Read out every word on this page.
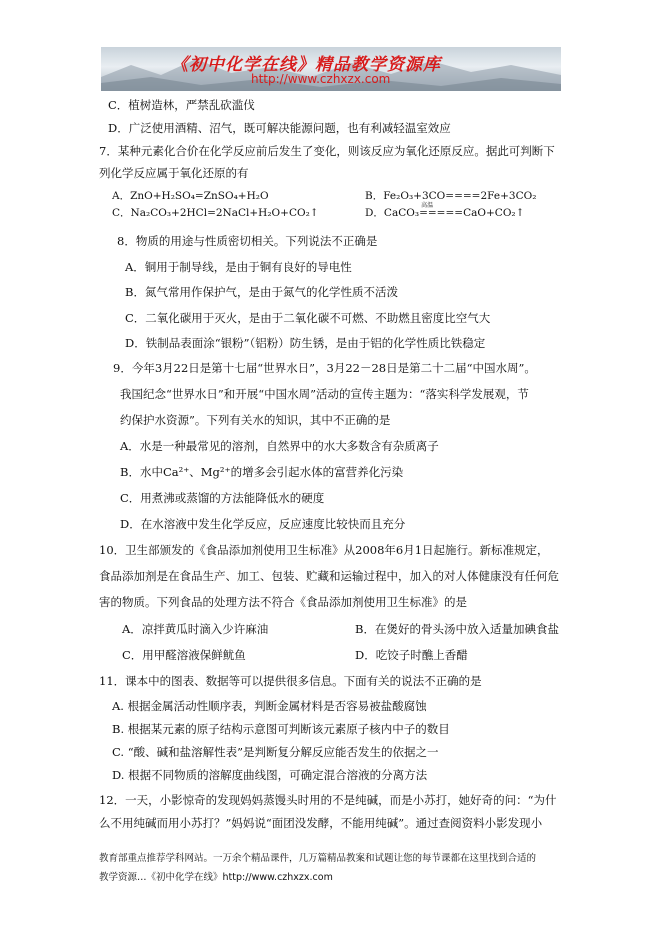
《初中化学在线》精品教学资源库
http://www.czhxzx.com
C．植树造林，严禁乱砍滥伐
D．广泛使用酒精、沼气，既可解决能源问题，也有利减轻温室效应
7．某种元素化合价在化学反应前后发生了变化，则该反应为氧化还原反应。据此可判断下
列化学反应属于氧化还原的有
A．ZnO+H₂SO₄=ZnSO₄+H₂O	B．Fe₂O₃+3CO====2Fe+3CO₂
C．Na₂CO₃+2HCl=2NaCl+H₂O+CO₂↑	D．CaCO₃
高温
=====CaO+CO₂↑
8．物质的用途与性质密切相关。下列说法不正确是
A．铜用于制导线，是由于铜有良好的导电性
B．氮气常用作保护气，是由于氮气的化学性质不活泼
C．二氧化碳用于灭火，是由于二氧化碳不可燃、不助燃且密度比空气大
D．铁制品表面涂“银粉”（铝粉）防生锈，是由于铝的化学性质比铁稳定
9．今年3月22日是第十七届“世界水日”，3月22－28日是第二十二届“中国水周”。
我国纪念“世界水日”和开展“中国水周”活动的宣传主题为：“落实科学发展观，节
约保护水资源”。下列有关水的知识，其中不正确的是
A．水是一种最常见的溶剂，自然界中的水大多数含有杂质离子
B．水中Ca²⁺、Mg²⁺的增多会引起水体的富营养化污染
C．用煮沸或蒸馏的方法能降低水的硬度
D．在水溶液中发生化学反应，反应速度比较快而且充分
10．卫生部颁发的《食品添加剂使用卫生标准》从2008年6月1日起施行。新标准规定，
食品添加剂是在食品生产、加工、包装、贮藏和运输过程中，加入的对人体健康没有任何危
害的物质。下列食品的处理方法不符合《食品添加剂使用卫生标准》的是
A．凉拌黄瓜时滴入少许麻油	B．在煲好的骨头汤中放入适量加碘食盐
C．用甲醛溶液保鲜鱿鱼	D．吃饺子时醮上香醋
11．课本中的图表、数据等可以提供很多信息。下面有关的说法不正确的是
A. 根据金属活动性顺序表，判断金属材料是否容易被盐酸腐蚀
B. 根据某元素的原子结构示意图可判断该元素原子核内中子的数目
C. “酸、碱和盐溶解性表”是判断复分解反应能否发生的依据之一
D. 根据不同物质的溶解度曲线图，可确定混合溶液的分离方法
12．一天，小影惊奇的发现妈妈蒸馒头时用的不是纯碱，而是小苏打，她好奇的问：“为什
么不用纯碱而用小苏打？”妈妈说“面团没发酵，不能用纯碱”。通过查阅资料小影发现小
教育部重点推荐学科网站。一万余个精品课件，几万篇精品教案和试题让您的每节课都在这里找到合适的
教学资源…《初中化学在线》http://www.czhxzx.com
